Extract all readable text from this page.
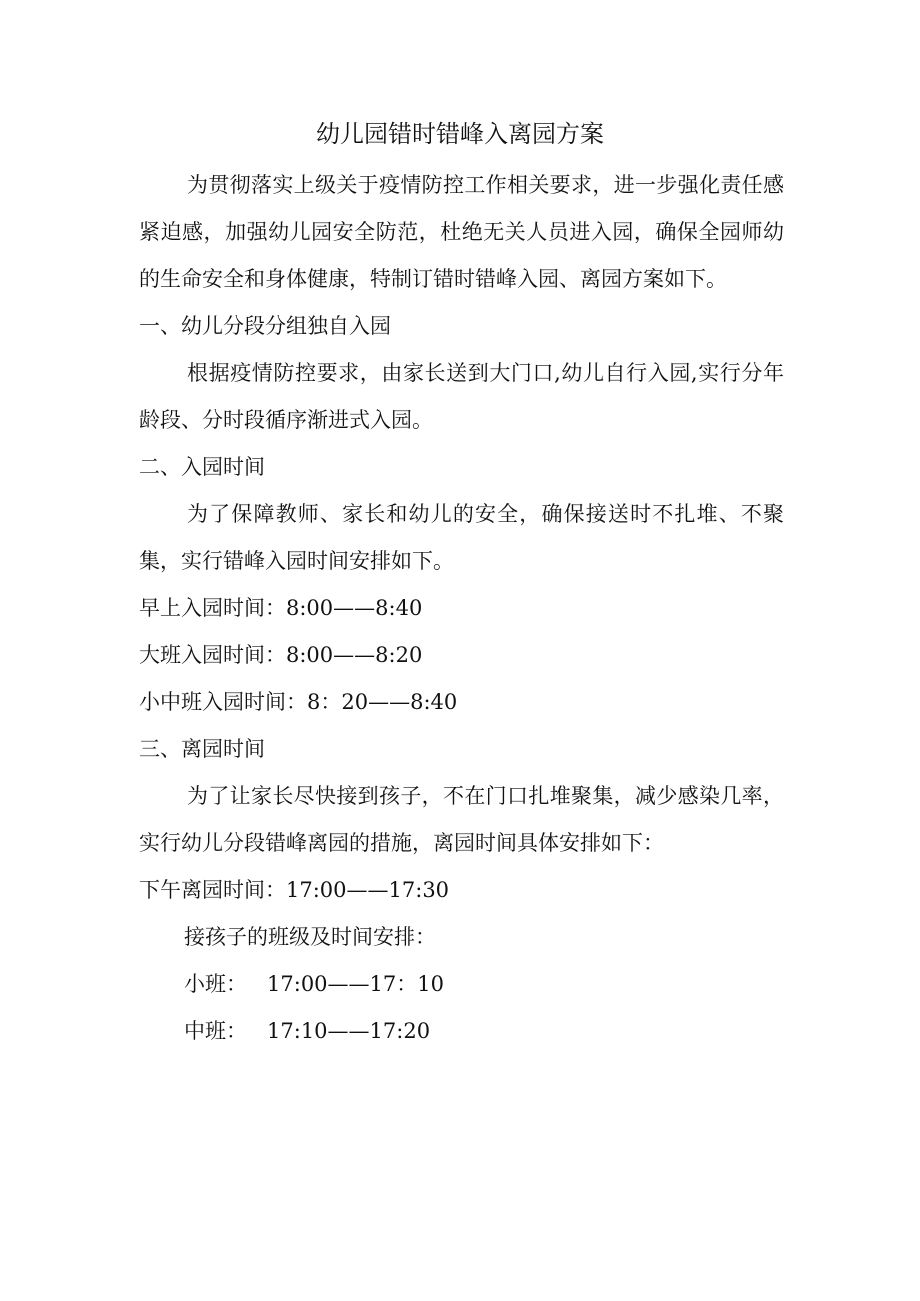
幼儿园错时错峰入离园方案

为贯彻落实上级关于疫情防控工作相关要求，进一步强化责任感紧迫感，加强幼儿园安全防范，杜绝无关人员进入园，确保全园师幼的生命安全和身体健康，特制订错时错峰入园、离园方案如下。

一、幼儿分段分组独自入园

根据疫情防控要求，由家长送到大门口,幼儿自行入园,实行分年龄段、分时段循序渐进式入园。

二、入园时间

为了保障教师、家长和幼儿的安全，确保接送时不扎堆、不聚集，实行错峰入园时间安排如下。

早上入园时间：8:00——8:40

大班入园时间：8:00——8:20

小中班入园时间：8：20——8:40

三、离园时间

为了让家长尽快接到孩子，不在门口扎堆聚集，减少感染几率，实行幼儿分段错峰离园的措施，离园时间具体安排如下：

下午离园时间：17:00——17:30

接孩子的班级及时间安排：

小班：   17:00——17：10

中班：   17:10——17:20
